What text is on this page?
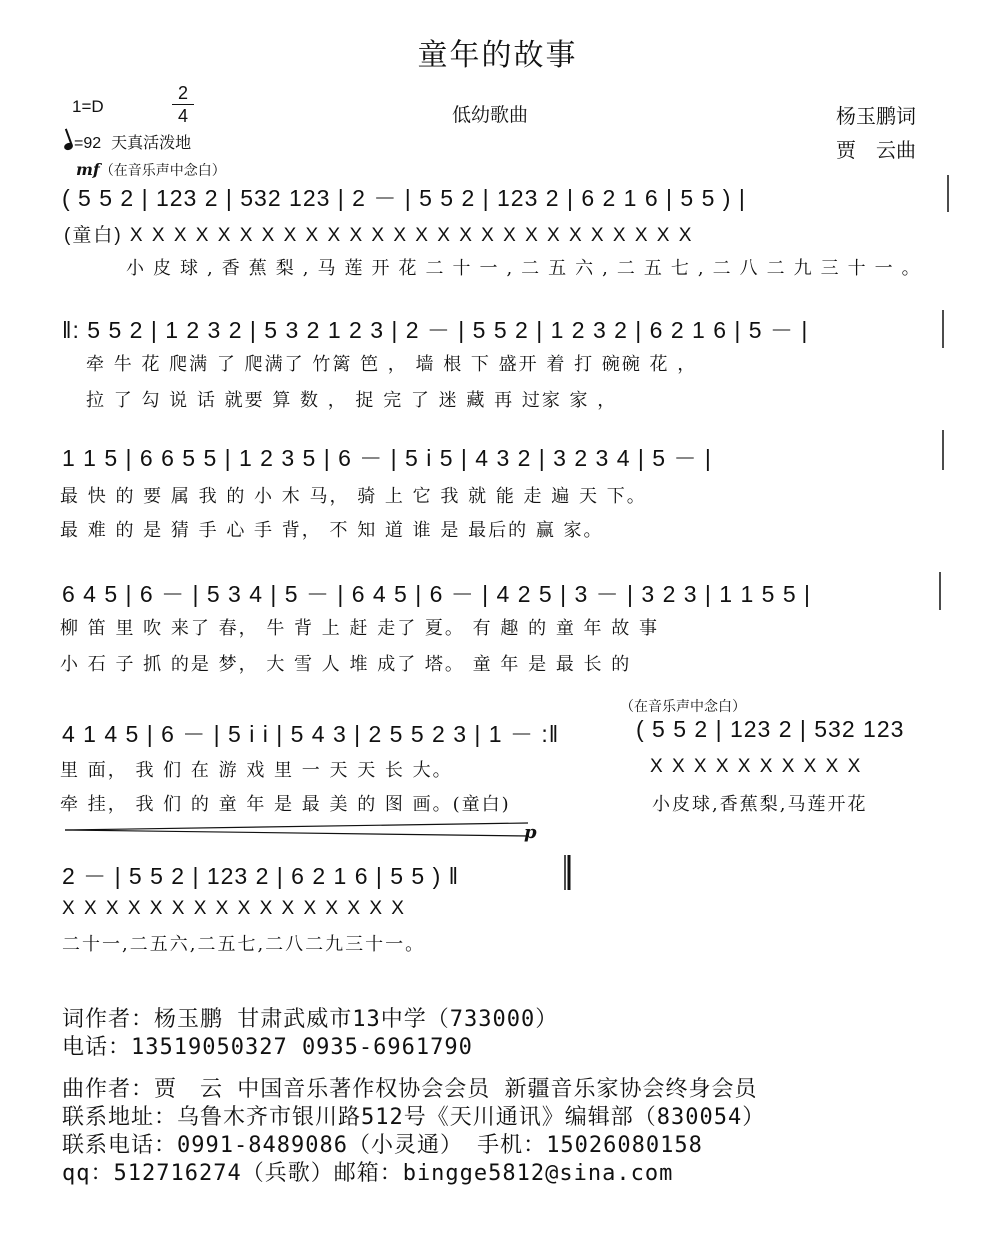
童年的故事
1=D
2
4
=92 天真活泼地
低幼歌曲	杨玉鹏词
贾　云曲
mf（在音乐声中念白）
( 5 5 2 | 123 2 | 532 123 | 2 － | 5 5 2 | 123 2 | 6 2 1 6 | 5 5 ) |
(童白) X X X X X X X X X X X X X X X X X X X X X X X X X X
小皮球,香蕉梨,马莲开花二十一,二五六,二五七,二八二九三十一。
‖: 5 5 2 | 1 2 3 2 | 5 3 2 1 2 3 | 2 － | 5 5 2 | 1 2 3 2 | 6 2 1 6 | 5 － |
牵 牛 花 爬满 了 爬满了 竹篱 笆 ， 墙 根 下 盛开 着 打 碗碗 花 ，
拉 了 勾 说 话 就要 算 数 ， 捉 完 了 迷 藏 再 过家 家 ，
1 1 5 | 6 6 5 5 | 1 2 3 5 | 6 － | 5 i 5 | 4 3 2 | 3 2 3 4 | 5 － |
最 快 的 要 属 我 的 小 木 马， 骑 上 它 我 就 能 走 遍 天 下。
最 难 的 是 猜 手 心 手 背， 不 知 道 谁 是 最后的 赢 家。
6 4 5 | 6 － | 5 3 4 | 5 － | 6 4 5 | 6 － | 4 2 5 | 3 － | 3 2 3 | 1 1 5 5 |
柳 笛 里 吹 来了 春， 牛 背 上 赶 走了 夏。 有 趣 的 童 年 故 事
小 石 子 抓 的是 梦， 大 雪 人 堆 成了 塔。 童 年 是 最 长 的
（在音乐声中念白）
4 1 4 5 | 6 － | 5 i i | 5 4 3 | 2 5 5 2 3 | 1 － :‖	( 5 5 2 | 123 2 | 532 123
里 面， 我 们 在 游 戏 里 一 天 天 长 大。	X X X X X X X X X X
牵 挂， 我 们 的 童 年 是 最 美 的 图 画。(童白)	小皮球,香蕉梨,马莲开花
p
2 － | 5 5 2 | 123 2 | 6 2 1 6 | 5 5 ) ‖
X X X X X X X X X X X X X X X X
二十一,二五六,二五七,二八二九三十一。
词作者：杨玉鹏 甘肃武威市13中学（733000）
电话：13519050327 0935-6961790
曲作者：贾　云 中国音乐著作权协会会员 新疆音乐家协会终身会员
联系地址：乌鲁木齐市银川路512号《天川通讯》编辑部（830054）
联系电话：0991-8489086（小灵通） 手机：15026080158
qq：512716274（兵歌）邮箱：bingge5812@sina.com
